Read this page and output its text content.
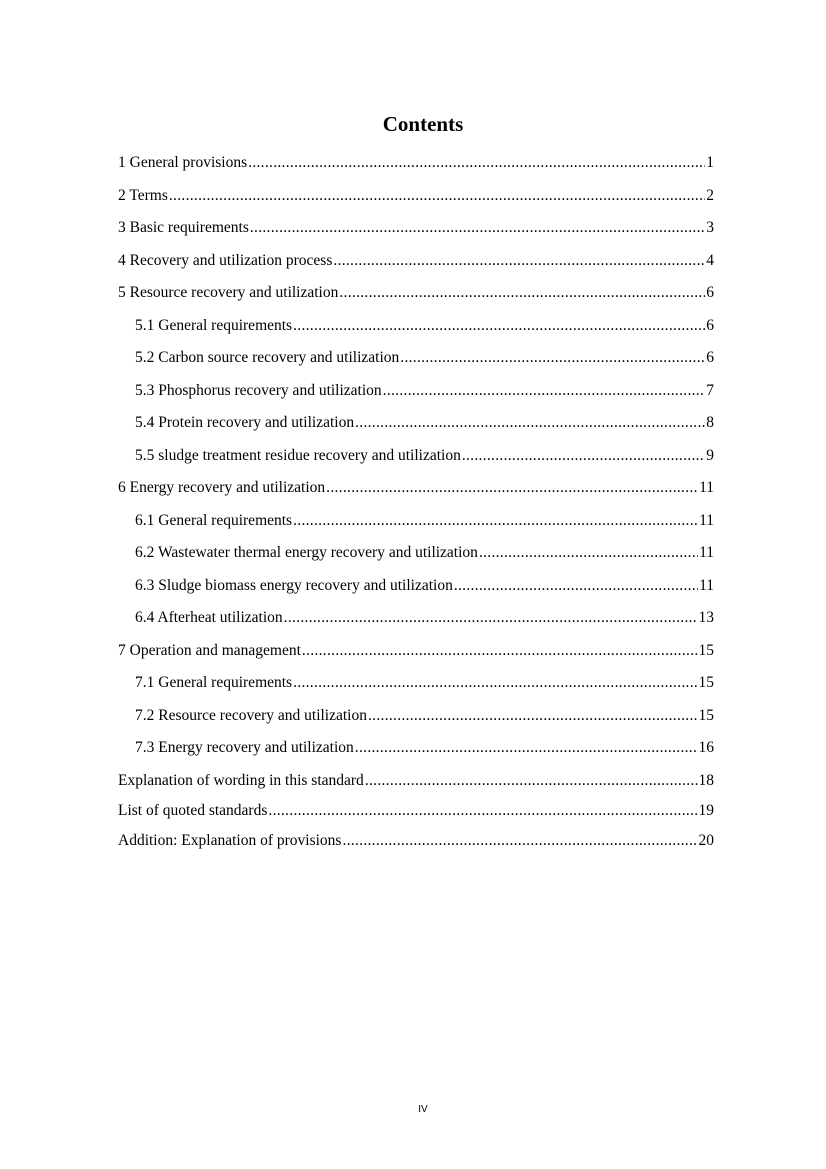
Contents
1 General provisions .....	1
2 Terms .....	2
3 Basic requirements .....	3
4 Recovery and utilization process .....	4
5 Resource recovery and utilization .....	6
5.1 General requirements .....	6
5.2 Carbon source recovery and utilization .....	6
5.3 Phosphorus recovery and utilization .....	7
5.4 Protein recovery and utilization .....	8
5.5 sludge treatment residue recovery and utilization .....	9
6 Energy recovery and utilization .....	11
6.1 General requirements .....	11
6.2 Wastewater thermal energy recovery and utilization .....	11
6.3 Sludge biomass energy recovery and utilization .....	11
6.4 Afterheat utilization .....	13
7 Operation and management .....	15
7.1 General requirements .....	15
7.2 Resource recovery and utilization .....	15
7.3 Energy recovery and utilization .....	16
Explanation of wording in this standard .....	18
List of quoted standards .....	19
Addition: Explanation of provisions .....	20
IV
